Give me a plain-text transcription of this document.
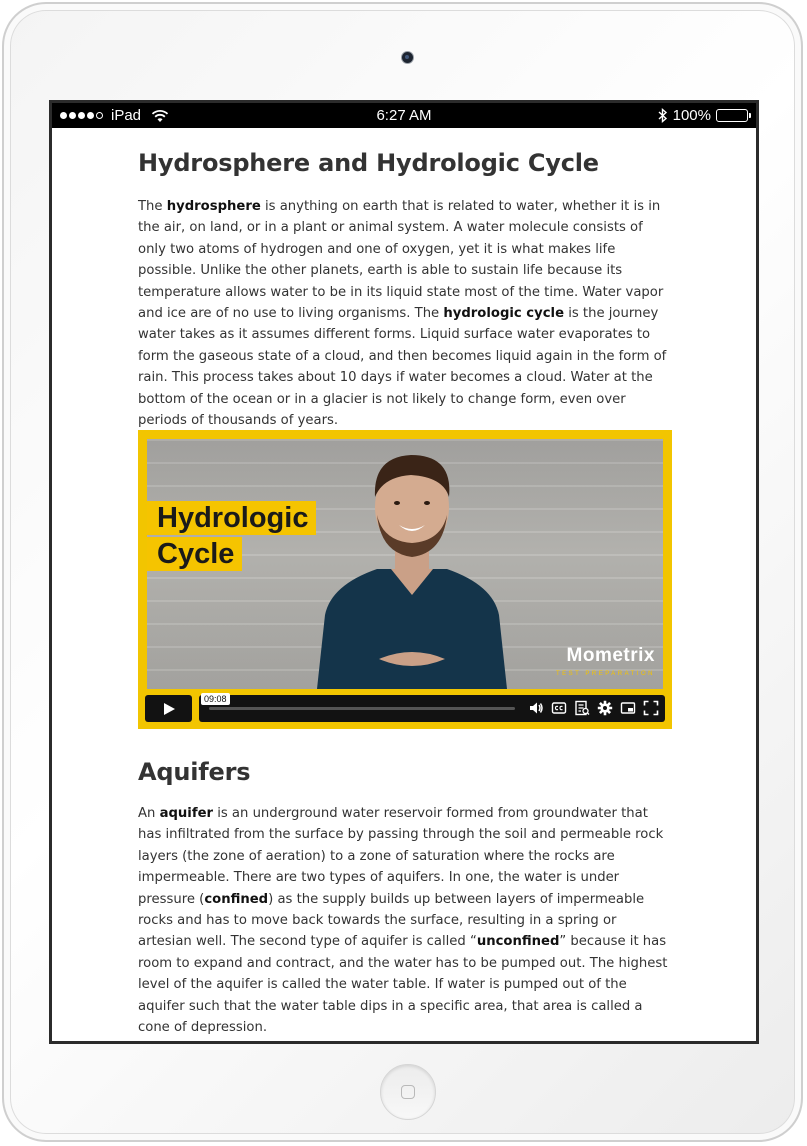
iPad	6:27 AM	100%
Hydrosphere and Hydrologic Cycle

The hydrosphere is anything on earth that is related to water, whether it is in the air, on land, or in a plant or animal system. A water molecule consists of only two atoms of hydrogen and one of oxygen, yet it is what makes life possible. Unlike the other planets, earth is able to sustain life because its temperature allows water to be in its liquid state most of the time. Water vapor and ice are of no use to living organisms. The hydrologic cycle is the journey water takes as it assumes different forms. Liquid surface water evaporates to form the gaseous state of a cloud, and then becomes liquid again in the form of rain. This process takes about 10 days if water becomes a cloud. Water at the bottom of the ocean or in a glacier is not likely to change form, even over periods of thousands of years.

Hydrologic
Cycle
Mometrix
TEST PREPARATION
09:08
Aquifers

An aquifer is an underground water reservoir formed from groundwater that has infiltrated from the surface by passing through the soil and permeable rock layers (the zone of aeration) to a zone of saturation where the rocks are impermeable. There are two types of aquifers. In one, the water is under pressure (confined) as the supply builds up between layers of impermeable rocks and has to move back towards the surface, resulting in a spring or artesian well. The second type of aquifer is called “unconfined” because it has room to expand and contract, and the water has to be pumped out. The highest level of the aquifer is called the water table. If water is pumped out of the aquifer such that the water table dips in a specific area, that area is called a cone of depression.
